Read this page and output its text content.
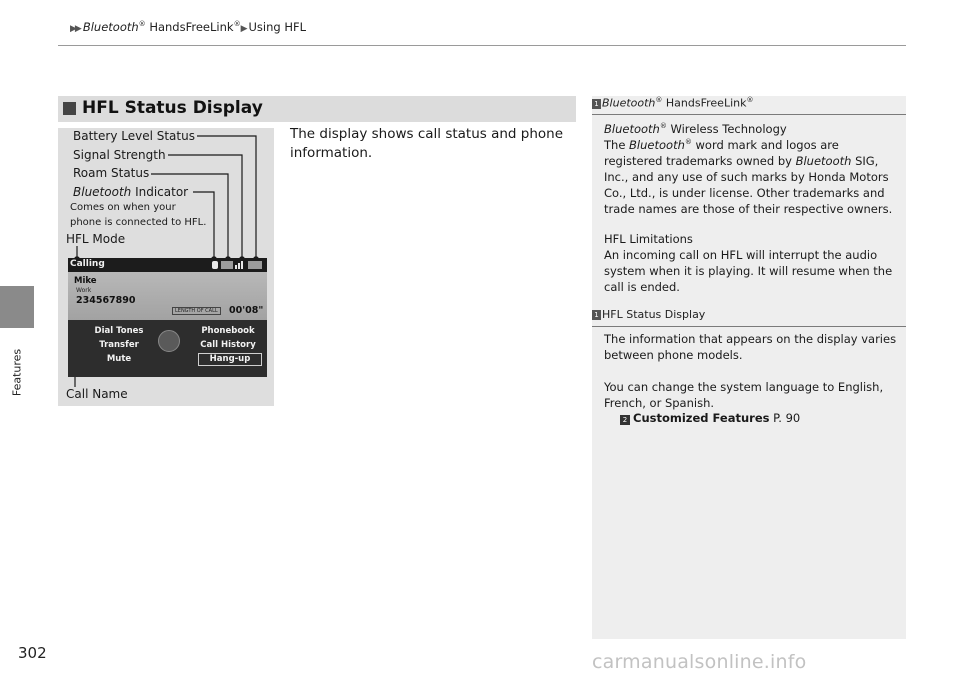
▶▶ Bluetooth® HandsFreeLink®▶ Using HFL
Features
302
HFL Status Display
Battery Level Status
Signal Strength
Roam Status
Bluetooth Indicator
Comes on when your
phone is connected to HFL.
HFL Mode
Call Name
Calling
Mike
Work
234567890
LENGTH OF CALL	00'08"
Dial Tones	Phonebook
Transfer	Call History
Mute	Hang-up
The display shows call status and phone information.
1 Bluetooth® HandsFreeLink®
Bluetooth® Wireless Technology
The Bluetooth® word mark and logos are registered trademarks owned by Bluetooth SIG, Inc., and any use of such marks by Honda Motors Co., Ltd., is under license. Other trademarks and trade names are those of their respective owners.
HFL Limitations
An incoming call on HFL will interrupt the audio system when it is playing. It will resume when the call is ended.
1 HFL Status Display
The information that appears on the display varies between phone models.
You can change the system language to English, French, or Spanish.
2 Customized Features P. 90
carmanualsonline.info
